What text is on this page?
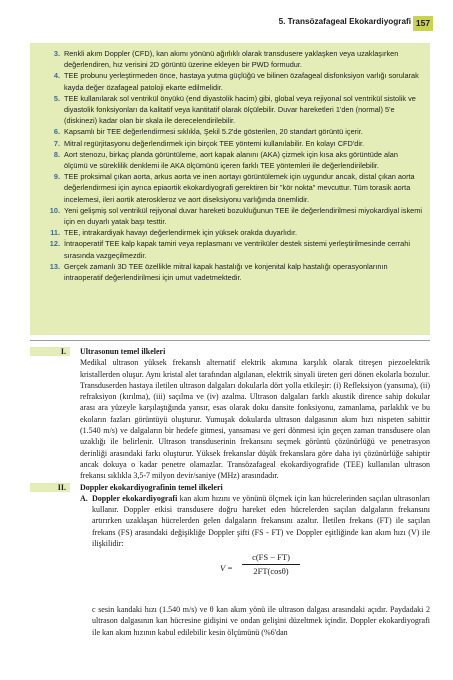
5. Transözafageal Ekokardiyografi 157
3. Renkli akım Doppler (CFD), kan akımı yönünü ağırlıklı olarak transdusere yaklaşken veya uzaklaşırken değerlendiren, hız verisini 2D görüntü üzerine ekleyen bir PWD formudur.
4. TEE probunu yerleştirmeden önce, hastaya yutma güçlüğü ve bilinen özafageal disfonksiyon varlığı sorularak kayda değer özafageal patoloji ekarte edilmelidir.
5. TEE kullanılarak sol ventrikül önyükü (end diyastolik hacim) gibi, global veya rejiyonal sol ventrikül sistolik ve diyastolik fonksiyonları da kalitatif veya kantitatif olarak ölçülebilir. Duvar hareketleri 1'den (normal) 5'e (diskinezi) kadar olan bir skala ile derecelendirilebilir.
6. Kapsamlı bir TEE değerlendirmesi sıklıkla, Şekil 5.2'de gösterilen, 20 standart görüntü içerir.
7. Mitral regürjitasyonu değerlendirmek için birçok TEE yöntemi kullanılabilir. En kolayı CFD'dir.
8. Aort stenozu, birkaç planda görüntüleme, aort kapak alanını (AKA) çizmek için kısa aks görüntüde alan ölçümü ve süreklilik denklemi ile AKA ölçümünü içeren farklı TEE yöntemleri ile değerlendirilebilir.
9. TEE proksimal çıkan aorta, arkus aorta ve inen aortayı görüntülemek için uygundur ancak, distal çıkan aorta değerlendirmesi için ayrıca epiaortik ekokardiyografi gerektiren bir "kör nokta" mevcuttur. Tüm torasik aorta incelemesi, ileri aortik ateroskleroz ve aort diseksiyonu varlığında önemlidir.
10. Yeni gelişmiş sol ventrikül rejiyonal duvar hareketi bozukluğunun TEE ile değerlendirilmesi miyokardiyal iskemi için en duyarlı yatak başı testtir.
11. TEE, intrakardiyak havayı değerlendirmek için yüksek orakda duyarlıdır.
12. İntraoperatif TEE kalp kapak tamiri veya replasmanı ve ventriküler destek sistemi yerleştirilmesinde cerrahi sırasında vazgeçilmezdir.
13. Gerçek zamanlı 3D TEE özellikle mitral kapak hastalığı ve konjenital kalp hastalığı operasyonlarının intraoperatif değerlendirilmesi için umut vadetmektedir.
I.	Ultrasonun temel ilkeleri
Medikal ultrason yüksek frekanslı alternatif elektrik akımına karşılık olarak titreşen piezoelektrik kristallerden oluşur. Aynı kristal alet tarafından algılanan, elektrik sinyali üreten geri dönen ekolarla bozulur. Transduserden hastaya iletilen ultrason dalgaları dokularla dört yolla etkileşir: (i) Refleksiyon (yansıma), (ii) refraksiyon (kırılma), (iii) saçılma ve (iv) azalma. Ultrason dalgaları farklı akustik dirence sahip dokular arası ara yüzeyle karşılaştığında yansır, esas olarak doku dansite fonksiyonu, zamanlama, parlaklık ve bu ekoların fazları görüntüyü oluşturur. Yumuşak dokularda ultrason dalgasının akım hızı nispeten sabittir (1.540 m/s) ve dalgaların bir hedefe gitmesi, yansıması ve geri dönmesi için geçen zaman transdusere olan uzaklığı ile belirlenir. Ultrason transduserinin frekansını seçmek görüntü çözünürlüğü ve penetrasyon derinliği arasındaki farkı oluşturur. Yüksek frekanslar düşük frekanslara göre daha iyi çözünürlüğe sahiptir ancak dokuya o kadar penetre olamazlar. Transözafageal ekokardiyografide (TEE) kullanılan ultrason frekansı sıklıkla 3,5-7 milyon devir/saniye (MHz) arasındadır.
II.	Doppler ekokardiyografinin temel ilkeleri
A. Doppler ekokardiyografi kan akım hızını ve yönünü ölçmek için kan hücrelerinden saçılan ultrasonları kullanır. Doppler etkisi transdusere doğru hareket eden hücrelerden saçılan dalgaların frekansını artırırken uzaklaşan hücrelerden gelen dalgaların frekansını azaltır. İletilen frekans (FT) ile saçılan frekans (FS) arasındaki değişikliğe Doppler şifti (FS - FT) ve Doppler eşitliğinde kan akım hızı (V) ile ilişkilidir:
V =
c(FS − FT)
2FT(cosθ)
c sesin kandaki hızı (1.540 m/s) ve θ kan akım yönü ile ultrason dalgası arasındaki açıdır. Paydadaki 2 ultrason dalgasının kan hücresine gidişini ve ondan gelişini düzeltmek içindir. Doppler ekokardiyografi ile kan akım hızının kabul edilebilir kesin ölçümünü (%6'dan
